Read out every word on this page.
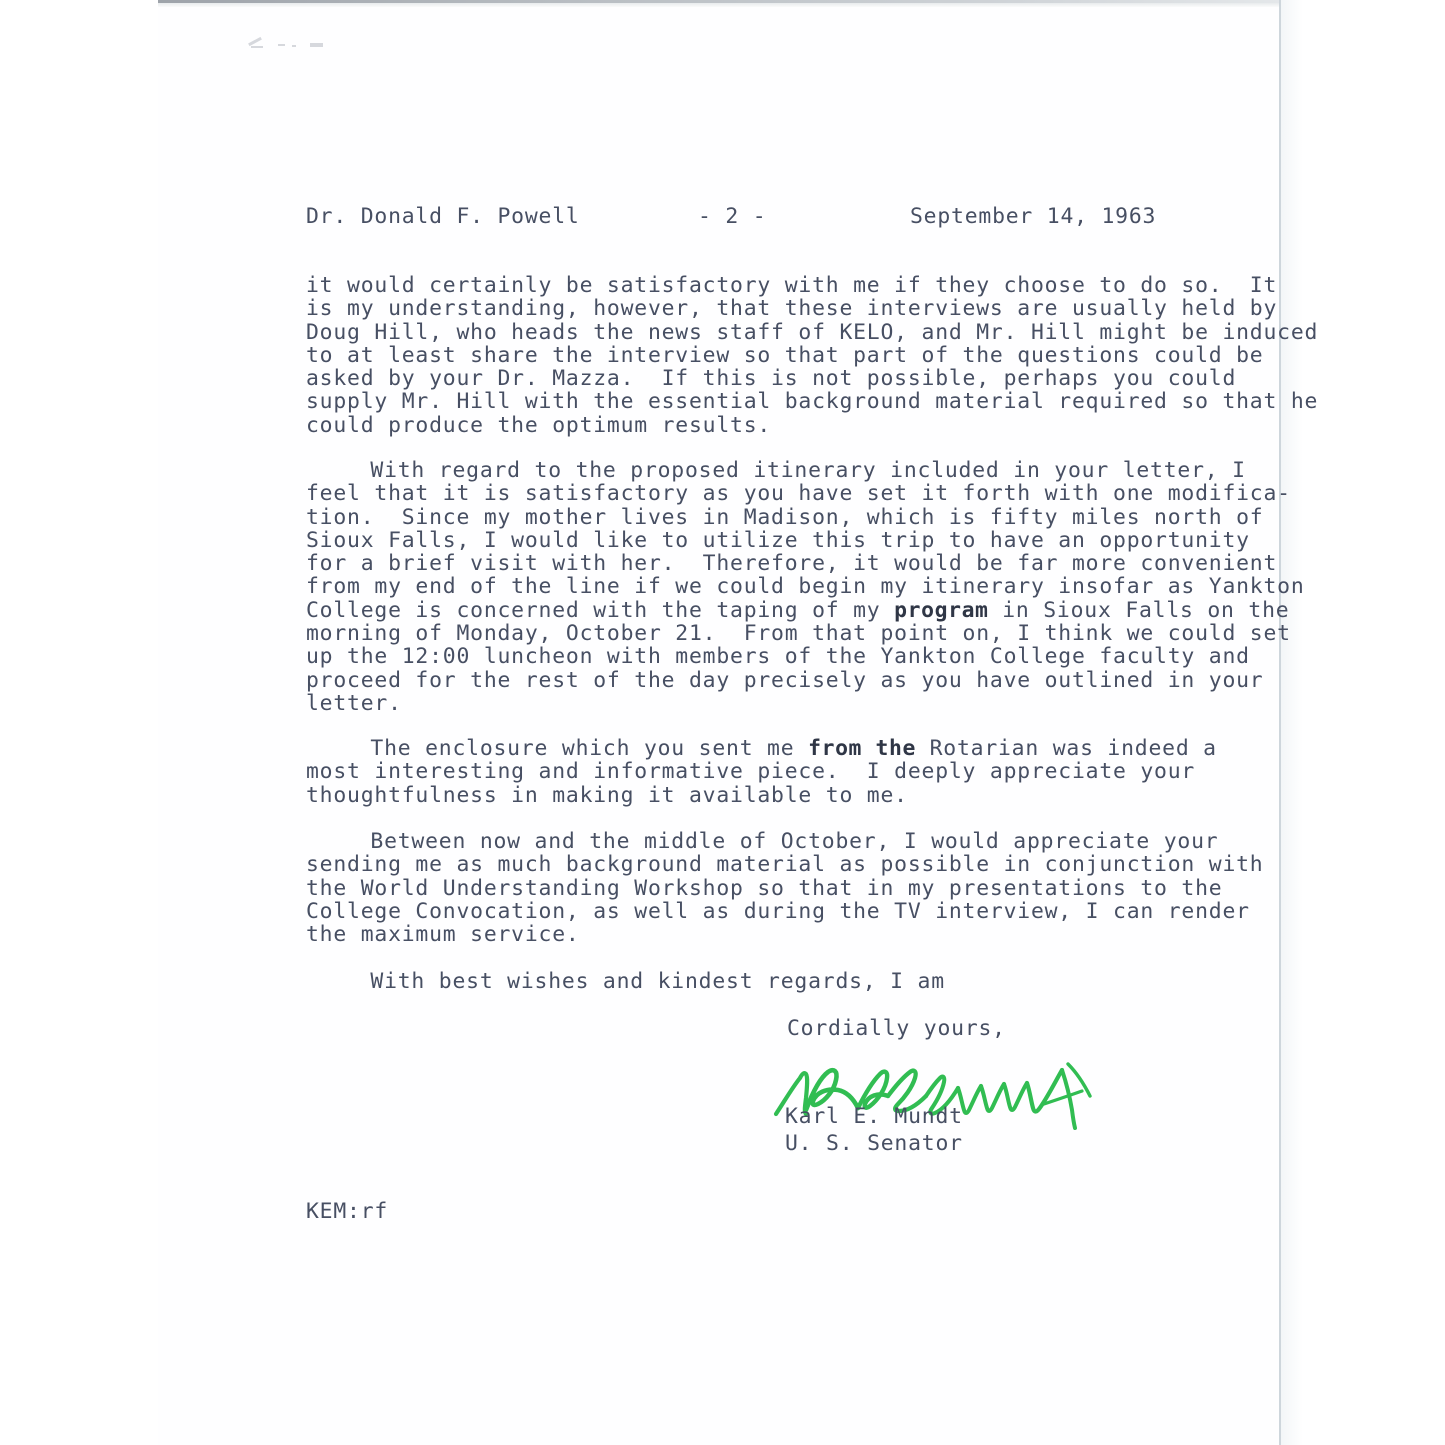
Dr. Donald F. Powell	- 2 -	September 14, 1963

it would certainly be satisfactory with me if they choose to do so.  It
is my understanding, however, that these interviews are usually held by
Doug Hill, who heads the news staff of KELO, and Mr. Hill might be induced
to at least share the interview so that part of the questions could be
asked by your Dr. Mazza.  If this is not possible, perhaps you could
supply Mr. Hill with the essential background material required so that he
could produce the optimum results.
With regard to the proposed itinerary included in your letter, I
feel that it is satisfactory as you have set it forth with one modifica-
tion.  Since my mother lives in Madison, which is fifty miles north of
Sioux Falls, I would like to utilize this trip to have an opportunity
for a brief visit with her.  Therefore, it would be far more convenient
from my end of the line if we could begin my itinerary insofar as Yankton
College is concerned with the taping of my program in Sioux Falls on the
morning of Monday, October 21.  From that point on, I think we could set
up the 12:00 luncheon with members of the Yankton College faculty and
proceed for the rest of the day precisely as you have outlined in your
letter.
The enclosure which you sent me from the Rotarian was indeed a
most interesting and informative piece.  I deeply appreciate your
thoughtfulness in making it available to me.
Between now and the middle of October, I would appreciate your
sending me as much background material as possible in conjunction with
the World Understanding Workshop so that in my presentations to the
College Convocation, as well as during the TV interview, I can render
the maximum service.
With best wishes and kindest regards, I am
Cordially yours,
Karl E. Mundt
U. S. Senator
KEM:rf
